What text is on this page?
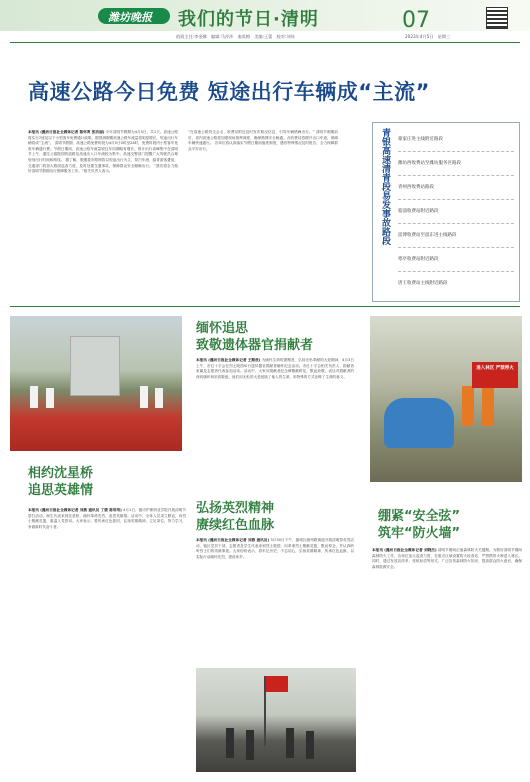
潍坊晚报 我们的节日·清明	07
值班主任:李金娜　编辑:马莎莎　秦爱梅　美编:王蕾　校对:刘伟	2023年4月5日　星期三
高速公路今日免费 短途出行车辆成“主流”
本报讯 (潍坊日报社全媒体记者 陈怀爽 张洁丽) 今年清明节假期为4月5日，共1天。高速公路将实行7座及以下小型客车免费通行政策。据预测假期高速公路车流量将明显增长，短途出行车辆将成“主流”。 清明节假期，高速公路免费时段为4月5日0时至24时，免费时段内小型客车免收车辆通行费。节假日期间，高速公路车流量较往年同期略有增长。预计出行高峰集中在清明节上午，通往公墓陵园的道路及高速出入口车流较为集中。高速交警部门提醒广大驾驶员合理规划出行时间和路线。 据了解，假期我市路网将以短途出行为主，祭扫车流、踏青游客叠加，交通部门将加大路面巡查力度，及时处置交通事故，保障群众安全顺畅出行。 “我们将全力做好清明节假期出行保障服务工作。”相关负责人表示。
“在高速公路的交会点、收费站附近及时发布路况信息，引导车辆错峰出行。” 清明节假期前后，省内高速公路将加强现场指挥调度，确保路网安全畅通。各收费站将增开出口车道，保障车辆快速通行。 各单位将认真落实节假日期间值班制度，遇有特殊情况及时报告，全力保障群众平安出行。	青银高速清青段易发事故路段 蒙家庄进主线附近路段
潍坊西收费站至潍坊服务区路段
青州西收费站路段
临淄收费站附近路段
淄博收费站至淄东进主线路段
寒亭收费站附近路段
唐王收费站主线附近路段
相约沈星桥
追思英雄情
本报讯 (潍坊日报社全媒体记者 刘燕 通讯员 丁媛 陈培培) 4月1日，潍坊护理职业学院开展清明节祭扫活动，师生代表来到沈星桥，缅怀革命先烈，追思英雄情。活动中，全体人员肃立默哀，向烈士敬献花篮，重温入党誓词。大家表示，要传承红色基因，弘扬英雄精神，立足岗位，努力学习，争做新时代奋斗者。
缅怀追思
致敬遗体器官捐献者
本报讯 (潍坊日报社全媒体记者 王路放) 为缅怀生命的馈赠者，弘扬无私奉献的大爱精神，4月3日上午，市红十字会在烈士陵园举行遗体器官捐献者缅怀纪念活动。市红十字会相关负责人、捐献者家属及志愿者代表参加活动。活动中，大家向捐献者纪念碑敬献鲜花，默哀致敬，表达对捐献者的深切缅怀和崇高敬意。他们用无私的大爱延续了他人的生命，用特殊的方式诠释了生命的意义。
弘扬英烈精神
赓续红色血脉
本报讯 (潍坊日报社全媒体记者 刘燕 通讯员) 3月30日下午，潍城区潍州路街道开展清明祭英烈活动，辖区党员干部、志愿者及学生代表来到烈士陵园，向革命烈士敬献花篮，默哀悼念，并认真聆听烈士们的英雄事迹。大家纷纷表示，将牢记历史，不忘初心，弘扬英雄精神，传承红色血脉，以实际行动缅怀先烈、建设家乡。
进入林区 严禁带火
绷紧“安全弦”
筑牢“防火墙”
本报讯 (潍坊日报社全媒体记者 刘晓杰) 清明节期间正值森林防火关键期。为做好清明节期间森林防火工作，各单位加大巡查力度，在重点区域设置防火检查站，严禁携带火种进入林区。同时，通过发放宣传单、张贴标语等形式，广泛宣传森林防火知识，提高群众防火意识，确保森林资源安全。
